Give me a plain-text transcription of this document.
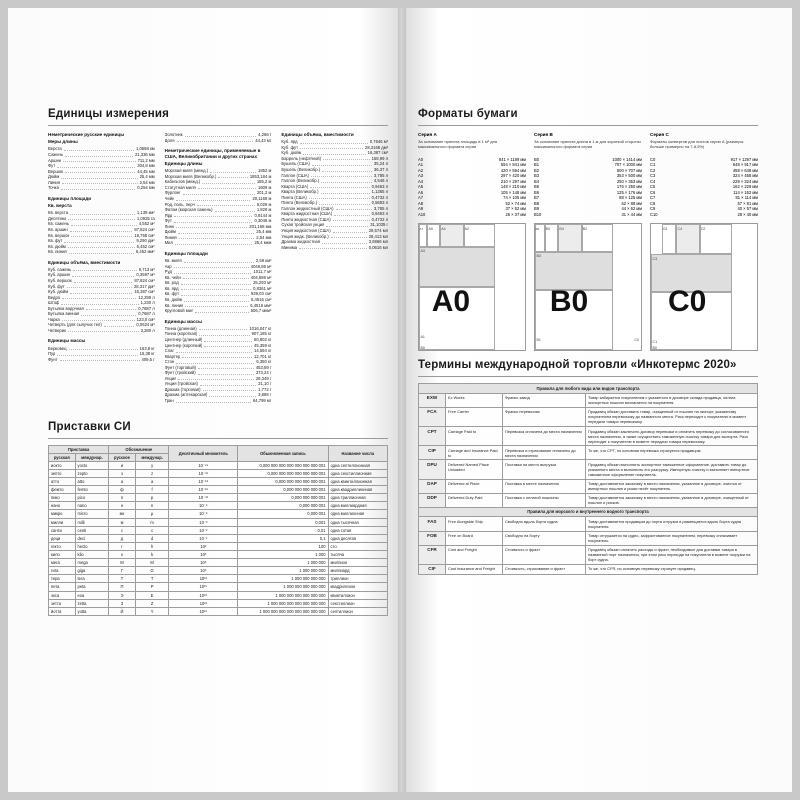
Единицы измерения
Неметрические русские единицы
Меры длины
Верста	1,0668 км
Сажень	21,336 мм
Аршин	711,2 мм
Фут	304,8 мм
Вершок	44,45 мм
Дюйм	25,4 мм
Линия	2,54 мм
Точка	0,254 мм
Единицы площади
Кв. верста
Кв. верста	1,138 км²
Десятина	1,0925 га
Кв. сажень	4,552 м²
Кв. аршин	87,824 см²
Кв. вершок	19,758 см²
Кв. фут	9,290 дм²
Кв. дюйм	6,452 см²
Кв. линия	6,452 мм²
Единицы объёма, вместимости
Куб. сажень	9,713 м³
Куб. аршин	0,3597 м³
Куб. вершок	87,824 см³
Куб. фут	28,317 дм³
Куб. дюйм	16,387 см³
Ведро	12,299 л
Штоф	1,230 л
Бутылка водочная	0,7687 л
Бутылка винная	0,7687 л
Чарка	123,0 см³
Четверть (для сыпучих тел)	0,0624 м³
Четверик	3,280 л
Единицы массы
Берковец	163,8 кг
Пуд	16,38 кг
Фунт	409,5 г
Золотник	4,266 г
Доля	44,43 мг
Неметрические единицы, применяемые в США, Великобритании и других странах
Единицы длины
Морская миля (межд.)	1852 м
Морская миля (Великобр.)	1853,184 м
Кабельтов (межд.)	185,2 м
Статутная миля	1609 м
Фурлонг	201,2 м
Чейн	20,1168 м
Род, поль, перч	5,029 м
Фатом (морская сажень)	1,829 м
Ярд	0,9144 м
Фут	0,3048 м
Линк	201,168 мм
Дюйм	25,4 мм
Линия	2,54 мм
Мил	25,4 мкм
Единицы площади
Кв. миля	2,59 км²
Акр	4046,86 м²
Руд	1011,7 м²
Кв. чейн	404,686 м²
Кв. род	25,293 м²
Кв. ярд	0,8361 м²
Кв. фут	929,03 см²
Кв. дюйм	6,4516 см²
Кв. линия	6,4516 мм²
Кругловой мил	506,7 мкм²
Единицы массы
Тонна (длинная)	1016,047 кг
Тонна (короткая)	907,185 кг
Центнер (длинный)	50,802 кг
Центнер (короткий)	45,359 кг
Слаг	14,594 кг
Квартер	12,701 кг
Стон	6,350 кг
Фунт (торговый)	453,59 г
Фунт (тройский)	373,24 г
Унция	28,349 г
Унция (тройская)	31,10 г
Драхма (торговая)	1,772 г
Драхма (аптекарская)	3,888 г
Гран	64,799 мг
Единицы объёма, вместимости
Куб. ярд	0,7646 м³
Куб. фут	28,3168 дм³
Куб. дюйм	16,387 см³
Баррель (нефтяной)	158,99 л
Бушель (США)	35,24 л
Бушель (Великобр.)	36,37 л
Галлон (США)	3,785 л
Галлон (Великобр.)	4,546 л
Кварта (США)	0,9463 л
Кварта (Великобр.)	1,1365 л
Пинта (США)	0,4732 л
Пинта (Великобр.)	0,5683 л
Галлон жидкостный (США)	3,785 л
Кварта жидкостная (США)	0,9463 л
Пинта жидкостная (США)	0,4732 л
Сухая тройская унция	31,1035 г
Унция жидкостная (США)	29,574 мл
Унция жидк. (Великобр.)	28,413 мл
Драхма жидкостная	3,6966 мл
Минима	0,0616 мл
Приставки СИ
Приставка		Обозначение		Десятичный множитель	Обыкновенная запись	Название числа
русская	междунар.	русское	междунар.			
иокто	yocto	и	y	10⁻²⁴	0,000 000 000 000 000 000 000 001	одна септиллионная
зепто	zepto	з	z	10⁻²¹	0,000 000 000 000 000 000 001	одна секстиллионная
атто	atto	а	a	10⁻¹⁸	0,000 000 000 000 000 001	одна квинтиллионная
фемто	femto	ф	f	10⁻¹⁵	0,000 000 000 000 001	одна квадриллионная
пико	pico	п	p	10⁻¹²	0,000 000 000 001	одна триллионная
нано	nano	н	n	10⁻⁹	0,000 000 001	одна миллиардная
микро	micro	мк	µ	10⁻⁶	0,000 001	одна миллионная
милли	milli	м	m	10⁻³	0,001	одна тысячная
санти	centi	с	c	10⁻²	0,01	одна сотая
деци	deci	д	d	10⁻¹	0,1	одна десятая
гекто	hecto	г	h	10²	100	сто
кило	kilo	к	k	10³	1 000	тысяча
мега	mega	М	M	10⁶	1 000 000	миллион
гига	giga	Г	G	10⁹	1 000 000 000	миллиард
тера	tera	Т	T	10¹²	1 000 000 000 000	триллион
пета	peta	П	P	10¹⁵	1 000 000 000 000 000	квадриллион
экса	exa	Э	E	10¹⁸	1 000 000 000 000 000 000	квинтиллион
зетта	zetta	З	Z	10²¹	1 000 000 000 000 000 000 000	секстиллион
йотта	yotta	Й	Y	10²⁴	1 000 000 000 000 000 000 000 000	септиллион
Форматы бумаги
Серия А
За основание принята площадь в 1 м² для максимального формата серии
А0	841 × 1189 мм
А1	594 × 841 мм
А2	420 × 594 мм
А3	297 × 420 мм
А4	210 × 297 мм
А5	148 × 210 мм
А6	105 × 148 мм
А7	74 × 105 мм
А8	52 × 74 мм
А9	37 × 52 мм
А10	26 × 37 мм
Серия В
За основание принята длина в 1 м для короткой стороны максимального формата серии
В0	1000 × 1414 мм
В1	707 × 1000 мм
В2	500 × 707 мм
В3	353 × 500 мм
В4	250 × 353 мм
В5	176 × 250 мм
В6	125 × 176 мм
В7	88 × 125 мм
В8	62 × 88 мм
В9	44 × 62 мм
В10	31 × 44 мм
Серия С
Форматы конвертов для листов серии А (размеры больше примерно на 7-8,5%)
С0	917 × 1297 мм
С1	648 × 917 мм
С2	458 × 648 мм
С3	324 × 458 мм
С4	229 × 324 мм
С5	162 × 229 мм
С6	114 × 162 мм
С7	81 × 114 мм
С8	57 × 81 мм
С9	40 × 57 мм
С10	28 × 40 мм
A0
A1
A2
A3
A4
A5
A7
B0
B0
B1
B2
B3
B4
B5
B6
C0
C0
C1
C2
C3
C4
C5
B0
Термины международной торговли «Инкотермс 2020»
Правила для любого вида или видов транспорта			
EXW	Ex Works	Франко завод	Товар забирается покупателем с указанного в договоре склада продавца, оплата экспортных пошлин возлагается на покупателя.
FCA	Free Carrier	Франко перевозчик	Продавец обязан доставить товар, очищенный от пошлин на экспорт, указанному покупателем перевозчику до названного места. Риск переходит к покупателю в момент передачи товара перевозчику.
CPT	Carriage Paid to	Перевозка оплачена до места назначения	Продавец обязан заключить договор перевозки и оплатить перевозку до согласованного места назначения, а также осуществить таможенную очистку товара для экспорта. Риск переходит к покупателю в момент передачи товара перевозчику.
CIP	Carriage and Insurance Paid to	Перевозка и страхование оплачены до места назначения	То же, что CPT, но основная перевозка страхуется продавцом.
DPU	Delivered Named Place Unloaded	Поставка на место выгрузки	Продавец обязан выполнить экспортное таможенное оформление, доставить товар до указанного места и выполнить его разгрузку. Импортную очистку и выполняет импортное таможенное оформление покупатель.
DAP	Delivered at Place	Поставка в месте назначения	Товар доставляется заказчику в место назначения, указанное в договоре, очистка от импортных пошлин и риски несёт покупатель.
DDP	Delivered Duty Paid	Поставка с оплатой пошлины	Товар доставляется заказчику в место назначения, указанное в договоре, очищенный от пошлин и рисков.
Правила для морского и внутреннего водного транспорта			
FAS	Free Alongside Ship	Свободно вдоль борта судна	Товар доставляется продавцом до порта отгрузки и размещается вдоль борта судна покупателя.
FOB	Free on Board	Свободно на борту	Товар отгружается на судно, зафрахтованное покупателем, перевозку оплачивает покупатель.
CFR	Cost and Freight	Стоимость и фрахт	Продавец обязан оплатить расходы и фрахт, необходимые для доставки товара в названный порт назначения, при этом риск перехода на покупателя в момент погрузки на борт судна.
CIF	Cost Insurance and Freight	Стоимость, страхование и фрахт	То же, что CFR, но основную перевозку страхует продавец.
